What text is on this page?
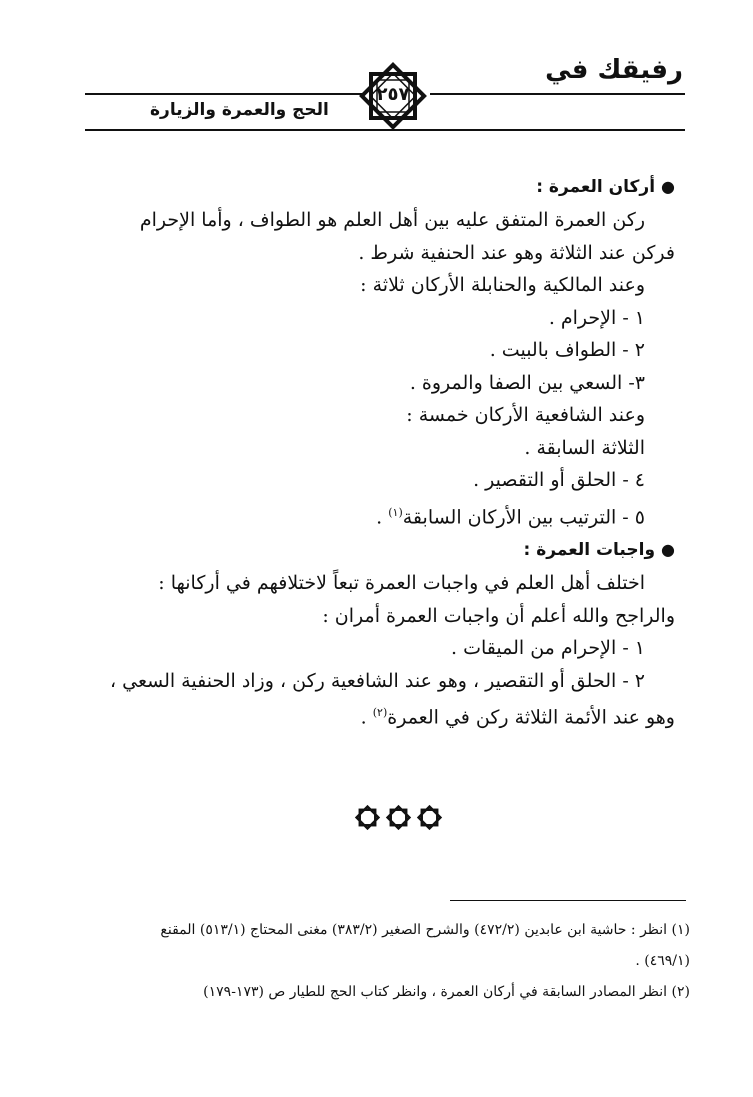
رفيقك في
الحج والعمرة والزيارة
٢٥٧
●أركان العمرة :
ركن العمرة المتفق عليه بين أهل العلم هو الطواف ، وأما الإحرام
فركن عند الثلاثة وهو عند الحنفية شرط .
وعند المالكية والحنابلة الأركان ثلاثة :
١ - الإحرام .
٢ - الطواف بالبيت .
٣- السعي بين الصفا والمروة .
وعند الشافعية الأركان خمسة :
الثلاثة السابقة .
٤ - الحلق أو التقصير .
٥ - الترتيب بين الأركان السابقة$^{(١)}$ .
●واجبات العمرة :
اختلف أهل العلم في واجبات العمرة تبعاً لاختلافهم في أركانها :
والراجح والله أعلم أن واجبات العمرة أمران :
١ - الإحرام من الميقات .
٢ - الحلق أو التقصير ، وهو عند الشافعية ركن ، وزاد الحنفية السعي ،
وهو عند الأئمة الثلاثة ركن في العمرة$^{(٢)}$ .
(١) انظر : حاشية ابن عابدين (٤٧٢/٢) والشرح الصغير (٣٨٣/٢) مغنى المحتاج (٥١٣/١) المقنع
(٤٦٩/١) .
(٢) انظر المصادر السابقة في أركان العمرة ، وانظر كتاب الحج للطيار ص (١٧٣-١٧٩)
